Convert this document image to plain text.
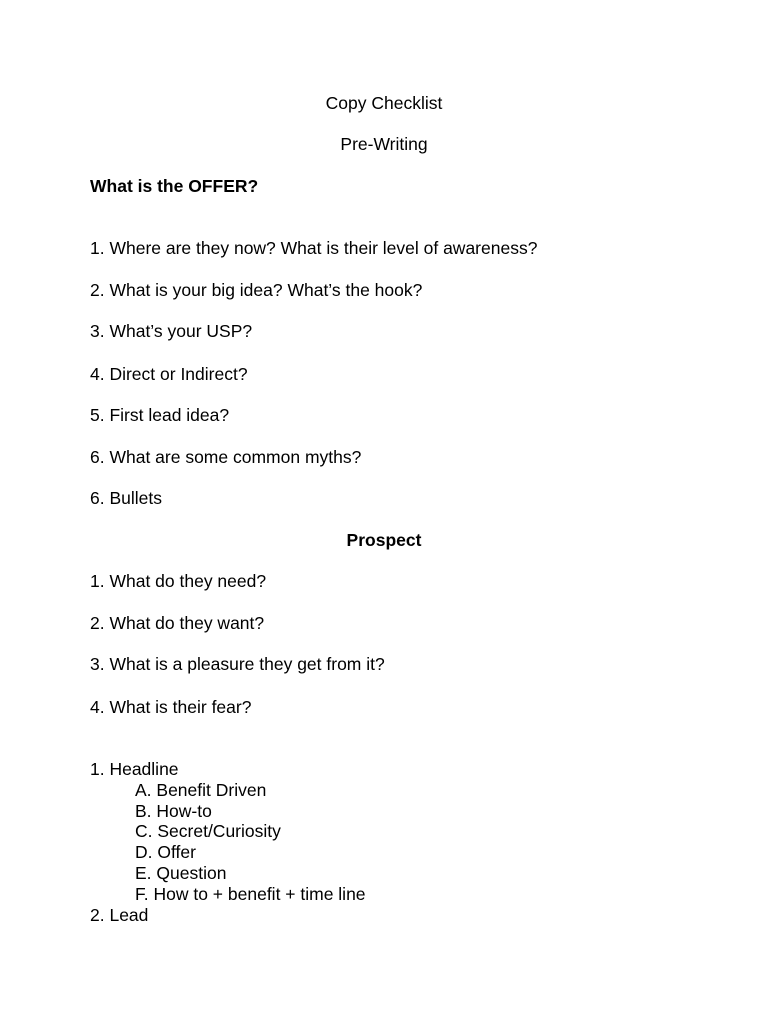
Copy Checklist
Pre-Writing
What is the OFFER?
1. Where are they now? What is their level of awareness?
2. What is your big idea? What’s the hook?
3. What’s your USP?
4. Direct or Indirect?
5. First lead idea?
6. What are some common myths?
6. Bullets
Prospect
1. What do they need?
2. What do they want?
3. What is a pleasure they get from it?
4. What is their fear?
1. Headline
A. Benefit Driven
B. How-to
C. Secret/Curiosity
D. Offer
E. Question
F. How to + benefit + time line
2. Lead
